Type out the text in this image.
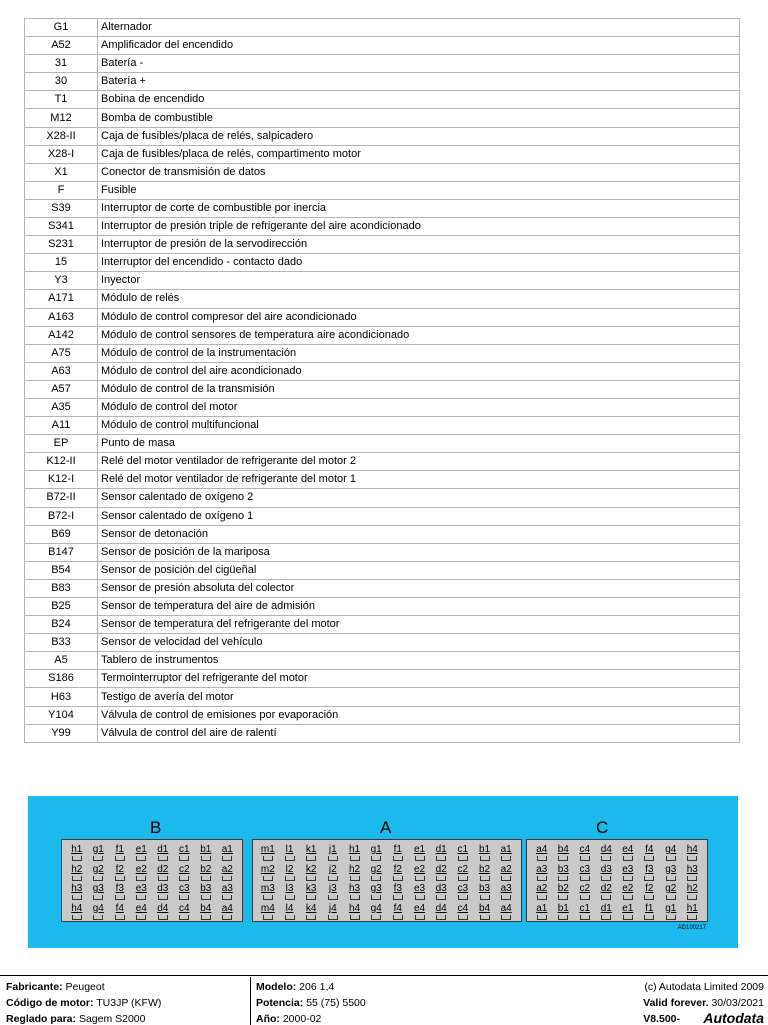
G1	Alternador
A52	Amplificador del encendido
31	Batería -
30	Batería +
T1	Bobina de encendido
M12	Bomba de combustible
X28-II	Caja de fusibles/placa de relés, salpicadero
X28-I	Caja de fusibles/placa de relés, compartimento motor
X1	Conector de transmisión de datos
F	Fusible
S39	Interruptor de corte de combustible por inercia
S341	Interruptor de presión triple de refrigerante del aire acondicionado
S231	Interruptor de presión de la servodirección
15	Interruptor del encendido - contacto dado
Y3	Inyector
A171	Módulo de relés
A163	Módulo de control compresor del aire acondicionado
A142	Módulo de control sensores de temperatura aire acondicionado
A75	Módulo de control de la instrumentación
A63	Módulo de control del aire acondicionado
A57	Módulo de control de la transmisión
A35	Módulo de control del motor
A11	Módulo de control multifuncional
EP	Punto de masa
K12-II	Relé del motor ventilador de refrigerante del motor 2
K12-I	Relé del motor ventilador de refrigerante del motor 1
B72-II	Sensor calentado de oxígeno 2
B72-I	Sensor calentado de oxígeno 1
B69	Sensor de detonación
B147	Sensor de posición de la mariposa
B54	Sensor de posición del cigüeñal
B83	Sensor de presión absoluta del colector
B25	Sensor de temperatura del aire de admisión
B24	Sensor de temperatura del refrigerante del motor
B33	Sensor de velocidad del vehículo
A5	Tablero de instrumentos
S186	Termointerruptor del refrigerante del motor
H63	Testigo de avería del motor
Y104	Válvula de control de emisiones por evaporación
Y99	Válvula de control del aire de ralentí
B	A	C
h1	g1	f1	e1	d1	c1	b1	a1
h2	g2	f2	e2	d2	c2	b2	a2
h3	g3	f3	e3	d3	c3	b3	a3
h4	g4	f4	e4	d4	c4	b4	a4
m1	l1	k1	j1	h1	g1	f1	e1	d1	c1	b1	a1
m2	l2	k2	j2	h2	g2	f2	e2	d2	c2	b2	a2
m3	l3	k3	j3	h3	g3	f3	e3	d3	c3	b3	a3
m4	l4	k4	j4	h4	g4	f4	e4	d4	c4	b4	a4
a4	b4	c4	d4	e4	f4	g4	h4
a3	b3	c3	d3	e3	f3	g3	h3
a2	b2	c2	d2	e2	f2	g2	h2
a1	b1	c1	d1	e1	f1	g1	h1
AD100217
Fabricante: Peugeot
Código de motor: TU3JP (KFW)
Reglado para: Sagem S2000
Modelo: 206 1,4
Potencia: 55 (75) 5500
Año: 2000-02
(c) Autodata Limited 2009
Valid forever. 30/03/2021
V8.500- Autodata
